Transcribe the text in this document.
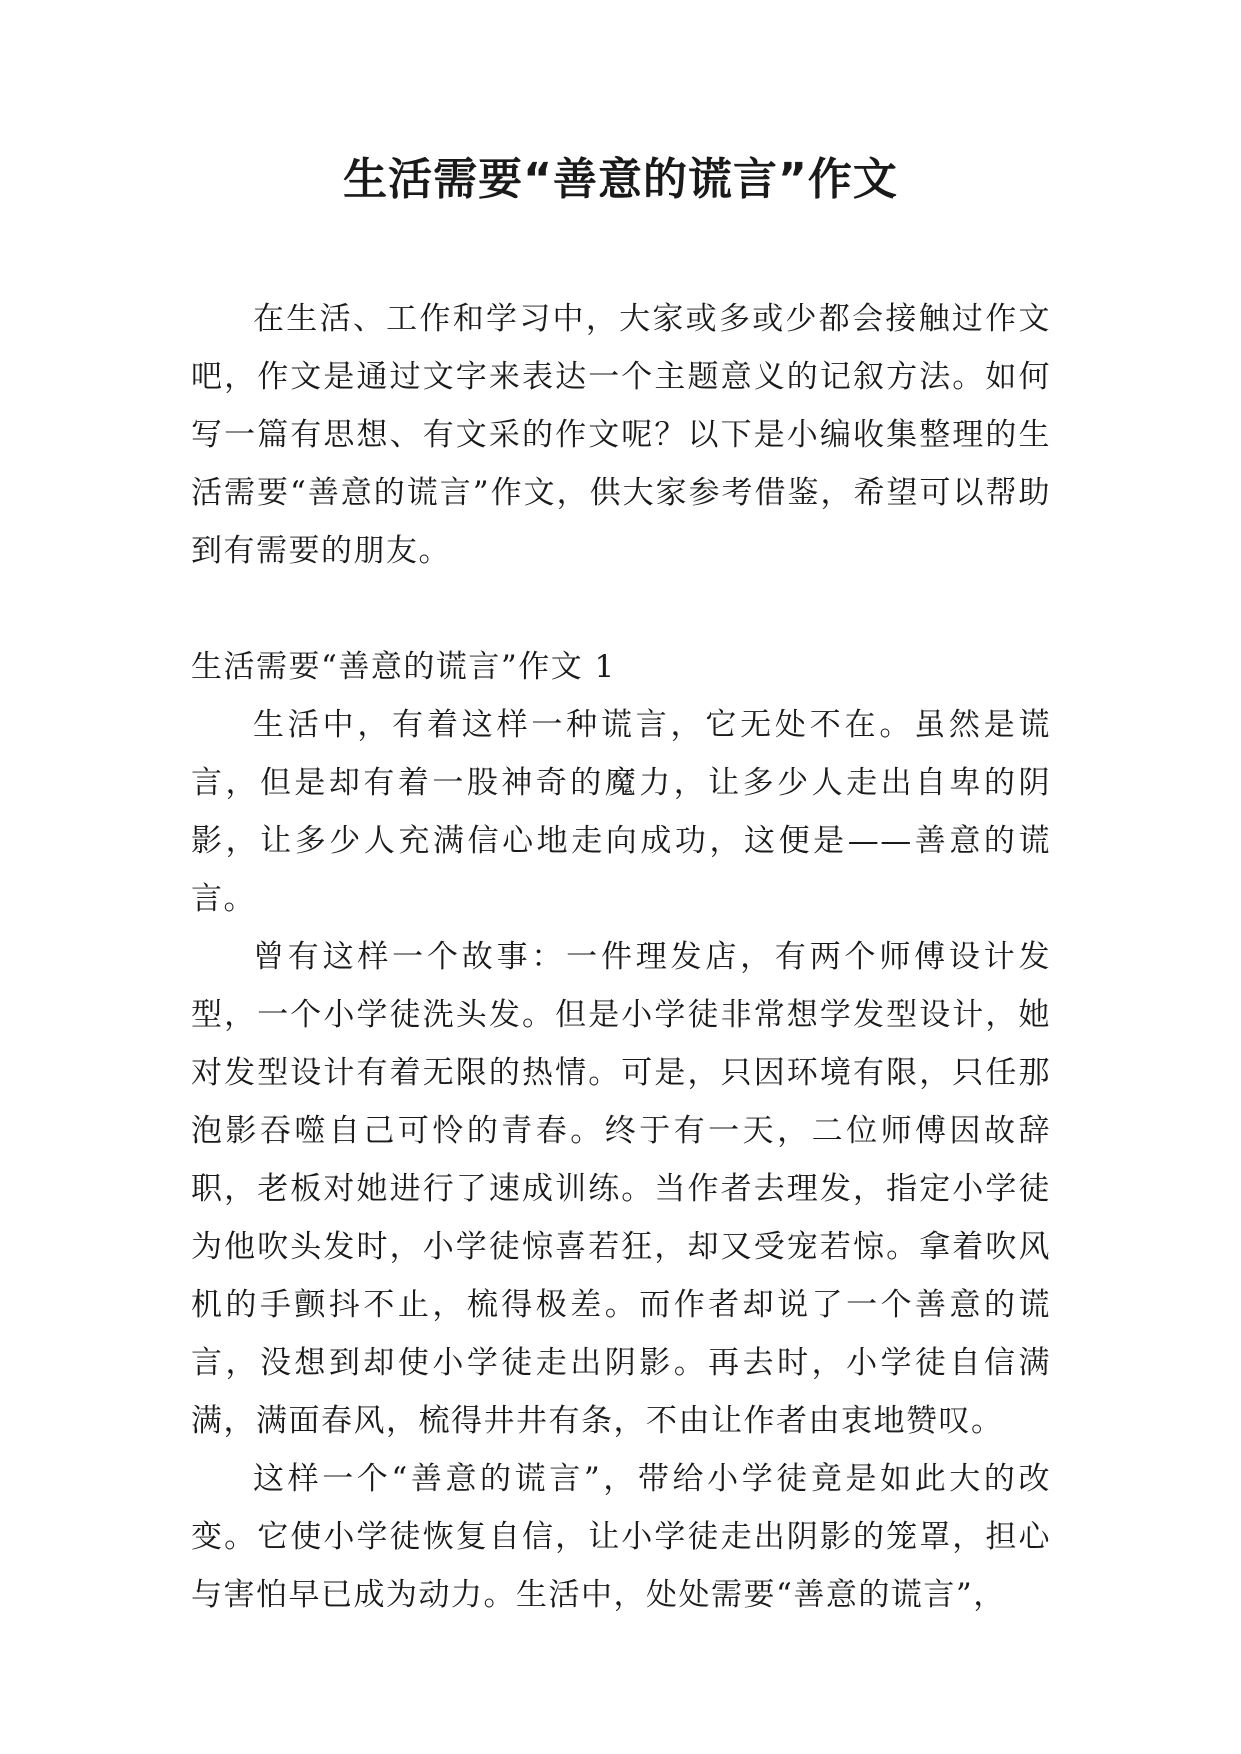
生活需要“善意的谎言”作文

在生活、工作和学习中，大家或多或少都会接触过作文吧，作文是通过文字来表达一个主题意义的记叙方法。如何写一篇有思想、有文采的作文呢？以下是小编收集整理的生活需要“善意的谎言”作文，供大家参考借鉴，希望可以帮助到有需要的朋友。

生活需要“善意的谎言”作文 1

生活中，有着这样一种谎言，它无处不在。虽然是谎言，但是却有着一股神奇的魔力，让多少人走出自卑的阴影，让多少人充满信心地走向成功，这便是——善意的谎言。

曾有这样一个故事：一件理发店，有两个师傅设计发型，一个小学徒洗头发。但是小学徒非常想学发型设计，她对发型设计有着无限的热情。可是，只因环境有限，只任那泡影吞噬自己可怜的青春。终于有一天，二位师傅因故辞职，老板对她进行了速成训练。当作者去理发，指定小学徒为他吹头发时，小学徒惊喜若狂，却又受宠若惊。拿着吹风机的手颤抖不止，梳得极差。而作者却说了一个善意的谎言，没想到却使小学徒走出阴影。再去时，小学徒自信满满，满面春风，梳得井井有条，不由让作者由衷地赞叹。

这样一个“善意的谎言”，带给小学徒竟是如此大的改变。它使小学徒恢复自信，让小学徒走出阴影的笼罩，担心与害怕早已成为动力。生活中，处处需要“善意的谎言”，
